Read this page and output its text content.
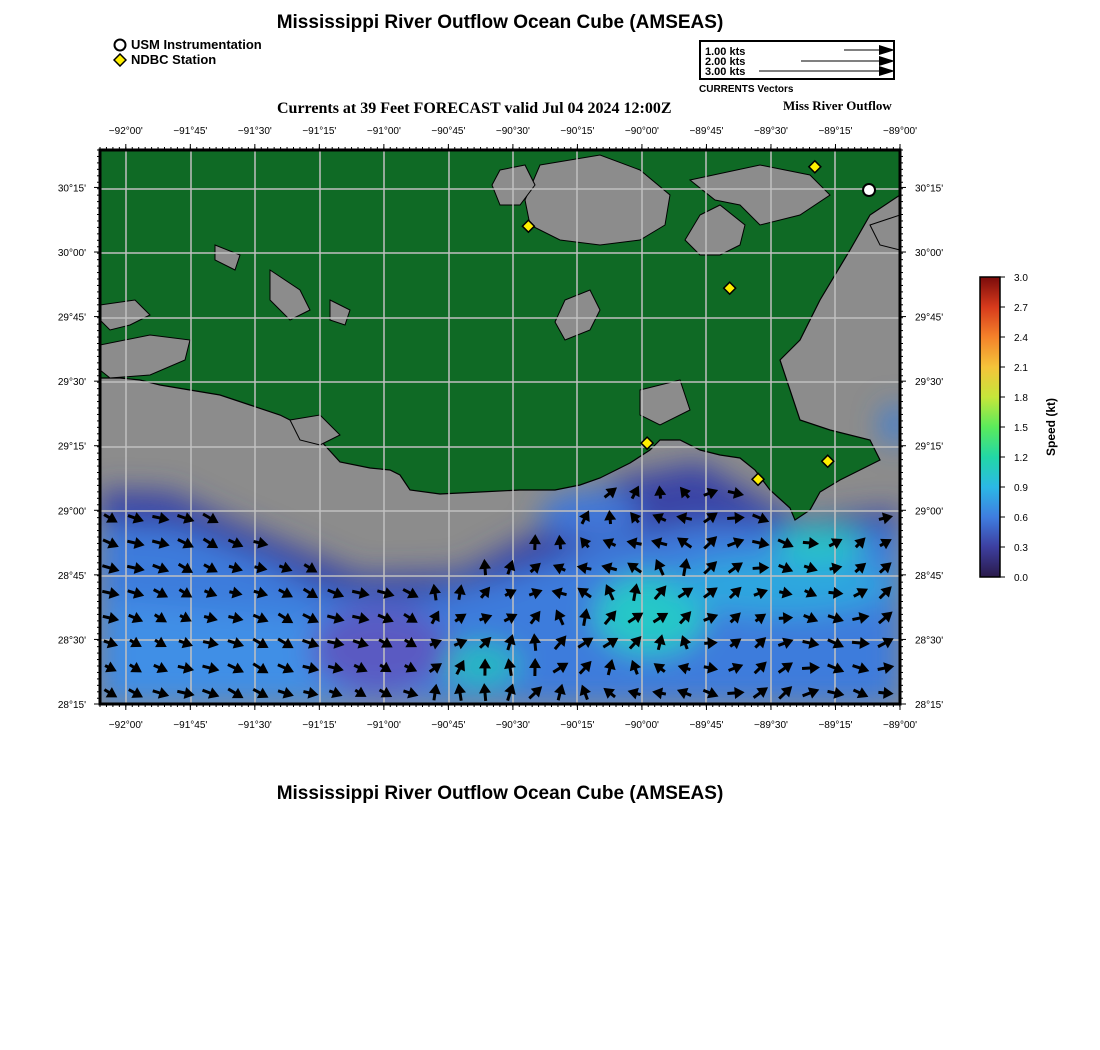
Mississippi River Outflow Ocean Cube (AMSEAS)
USM Instrumentation
NDBC Station	1.00 kts
2.00 kts
3.00 kts
CURRENTS Vectors
Currents at 39 Feet FORECAST valid Jul 04 2024 12:00Z	Miss River Outflow
−92°00'	−91°45'	−91°30'	−91°15'	−91°00'	−90°45'	−90°30'	−90°15'	−90°00'	−89°45'	−89°30'	−89°15'	−89°00'
−92°00'	−91°45'	−91°30'	−91°15'	−91°00'	−90°45'	−90°30'	−90°15'	−90°00'	−89°45'	−89°30'	−89°15'	−89°00'
30°15'
30°00'
29°45'
29°30'
29°15'
29°00'
28°45'
28°30'
28°15'
30°15'
30°00'
29°45'
29°30'
29°15'
29°00'
28°45'
28°30'
28°15'
3.0
2.7
2.4
2.1
1.8
1.5
1.2
0.9
0.6
0.3
0.0
Speed (kt)
Mississippi River Outflow Ocean Cube (AMSEAS)
